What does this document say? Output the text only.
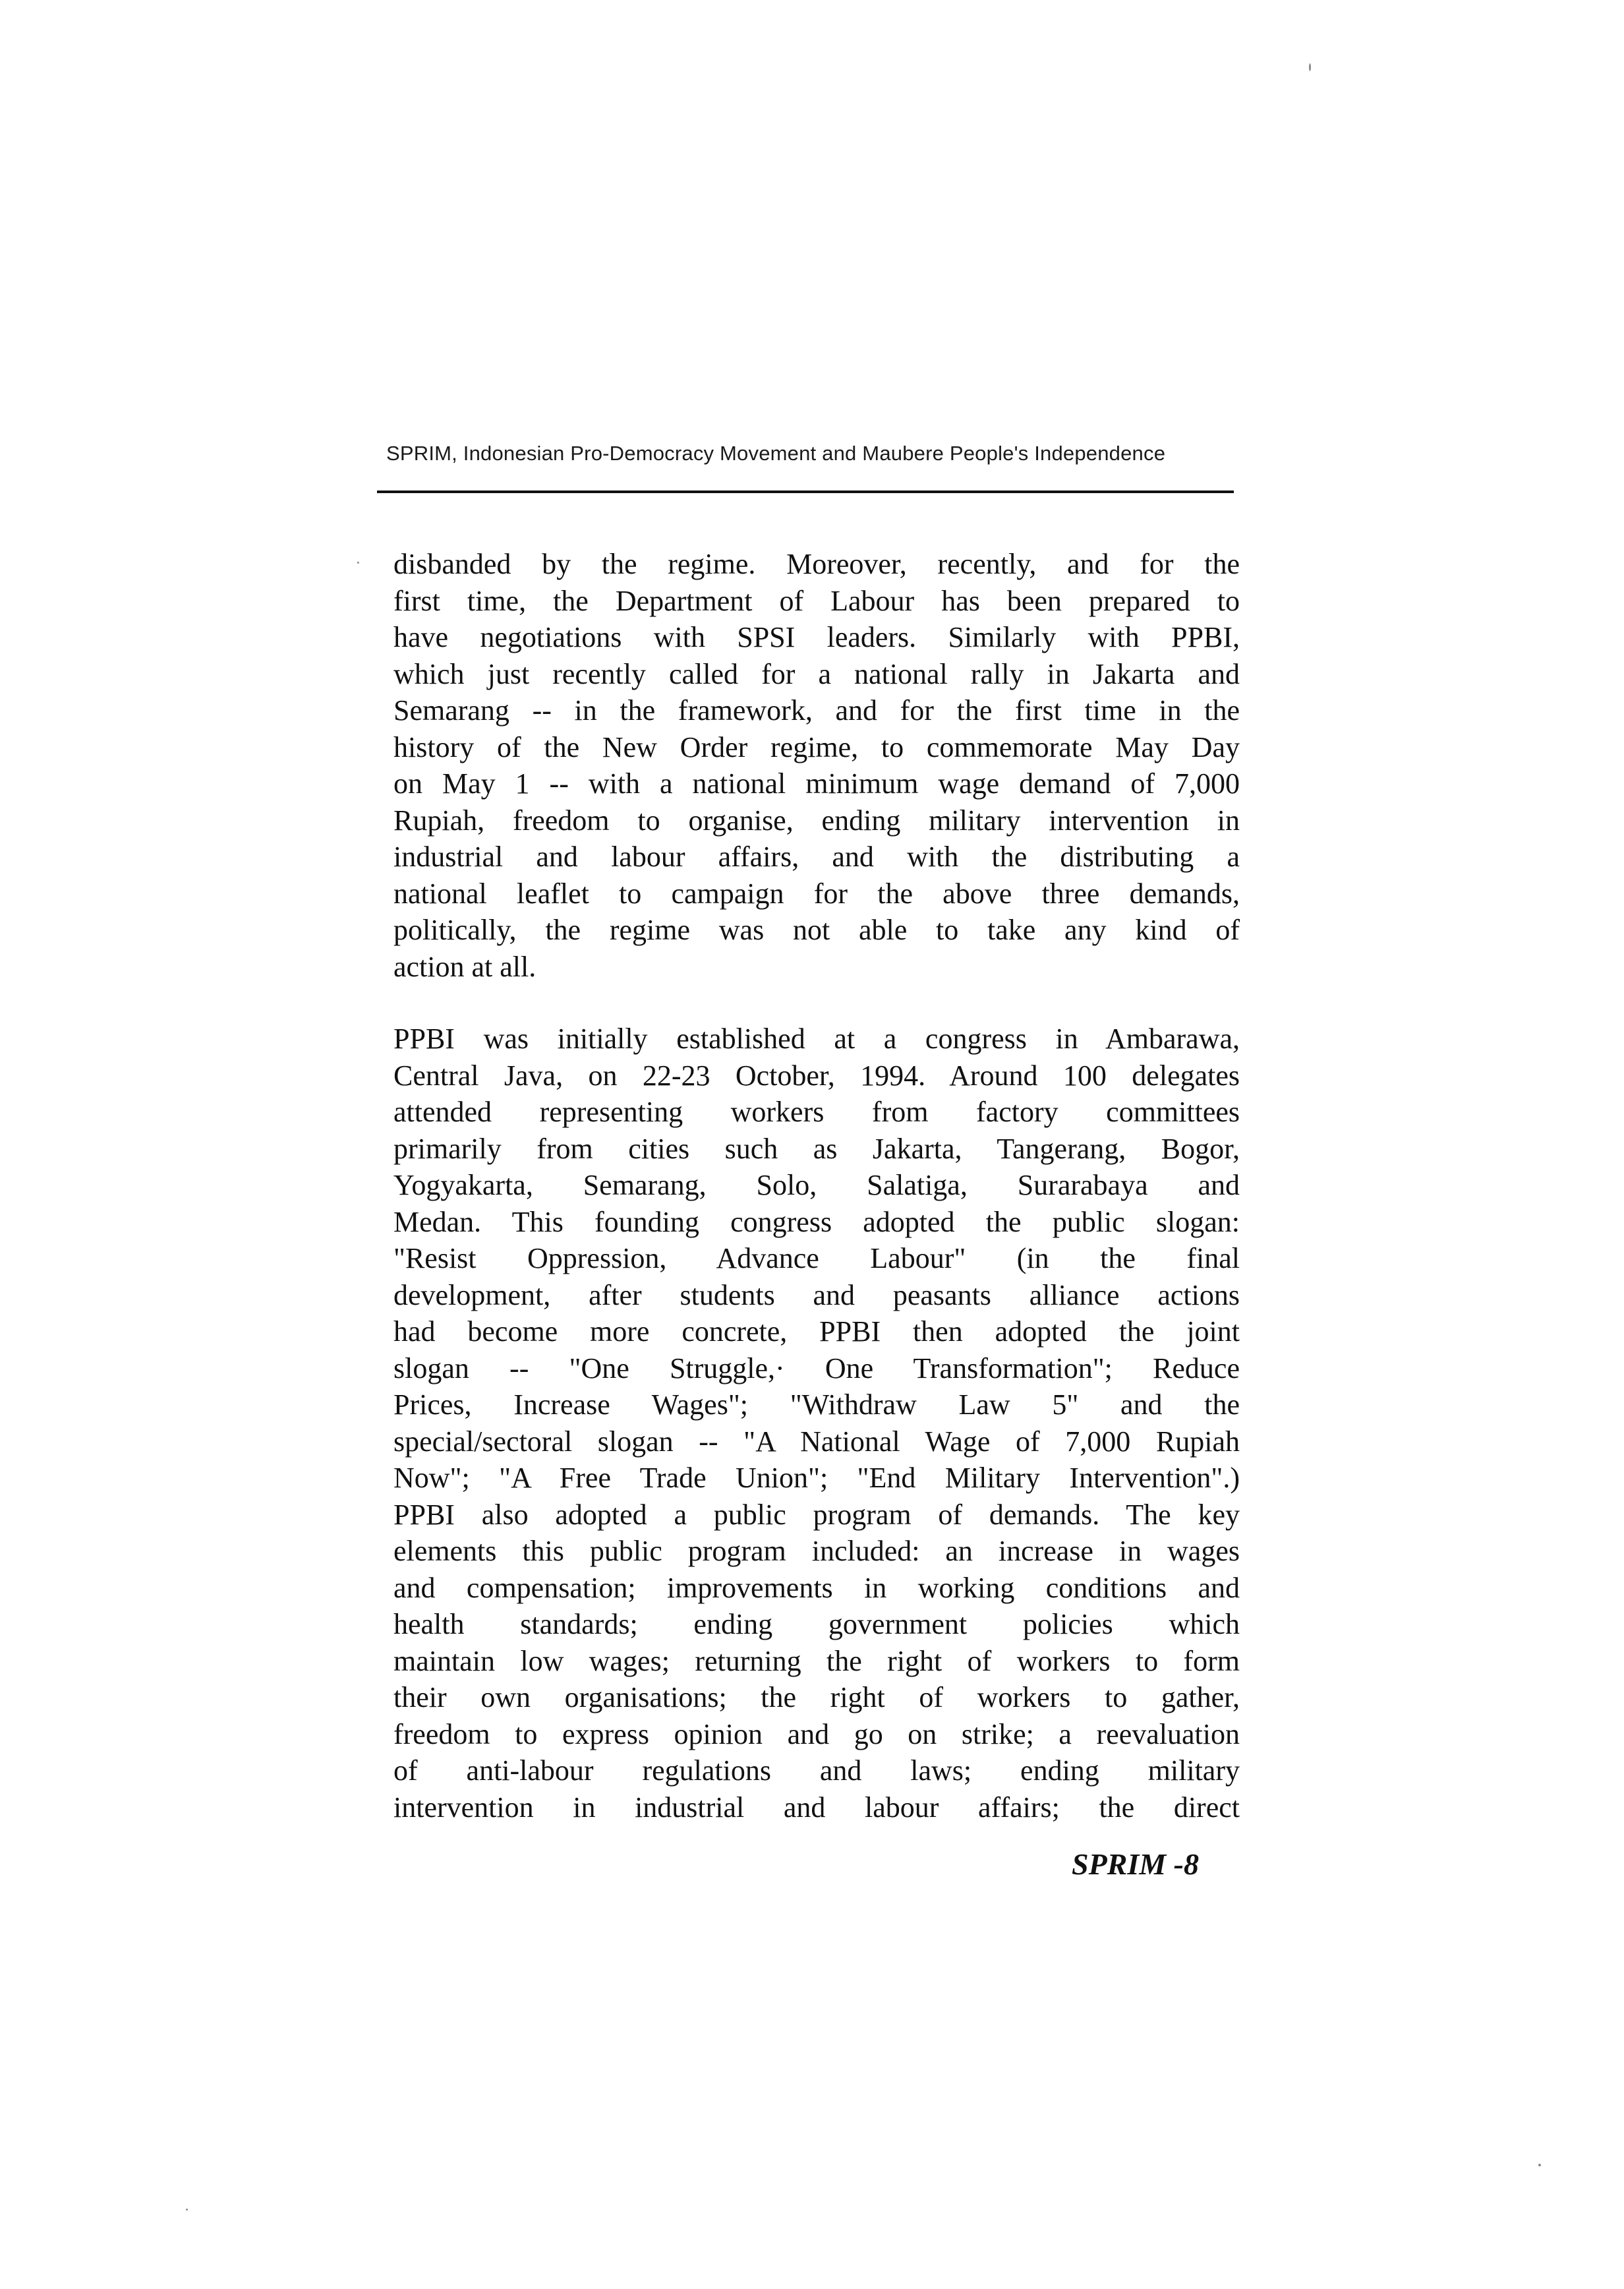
SPRIM, Indonesian Pro-Democracy Movement and Maubere People's Independence
⋅ disbanded by the regime. Moreover, recently, and for the
first time, the Department of Labour has been prepared to
have negotiations with SPSI leaders. Similarly with PPBI,
which just recently called for a national rally in Jakarta and
Semarang -- in the framework, and for the first time in the
history of the New Order regime, to commemorate May Day
on May 1 -- with a national minimum wage demand of 7,000
Rupiah, freedom to organise, ending military intervention in
industrial and labour affairs, and with the distributing a
national leaflet to campaign for the above three demands,
politically, the regime was not able to take any kind of
action at all.

PPBI was initially established at a congress in Ambarawa,
Central Java, on 22-23 October, 1994. Around 100 delegates
attended representing workers from factory committees
primarily from cities such as Jakarta, Tangerang, Bogor,
Yogyakarta, Semarang, Solo, Salatiga, Surarabaya and
Medan. This founding congress adopted the public slogan:
"Resist Oppression, Advance Labour" (in the final
development, after students and peasants alliance actions
had become more concrete, PPBI then adopted the joint
slogan -- "One Struggle,· One Transformation"; Reduce
Prices, Increase Wages"; "Withdraw Law 5" and the
special/sectoral slogan -- "A National Wage of 7,000 Rupiah
Now"; "A Free Trade Union"; "End Military Intervention".)
PPBI also adopted a public program of demands. The key
elements this public program included: an increase in wages
and compensation; improvements in working conditions and
health standards; ending government policies which
maintain low wages; returning the right of workers to form
their own organisations; the right of workers to gather,
freedom to express opinion and go on strike; a reevaluation
of anti-labour regulations and laws; ending military
intervention in industrial and labour affairs; the direct

SPRIM -8
